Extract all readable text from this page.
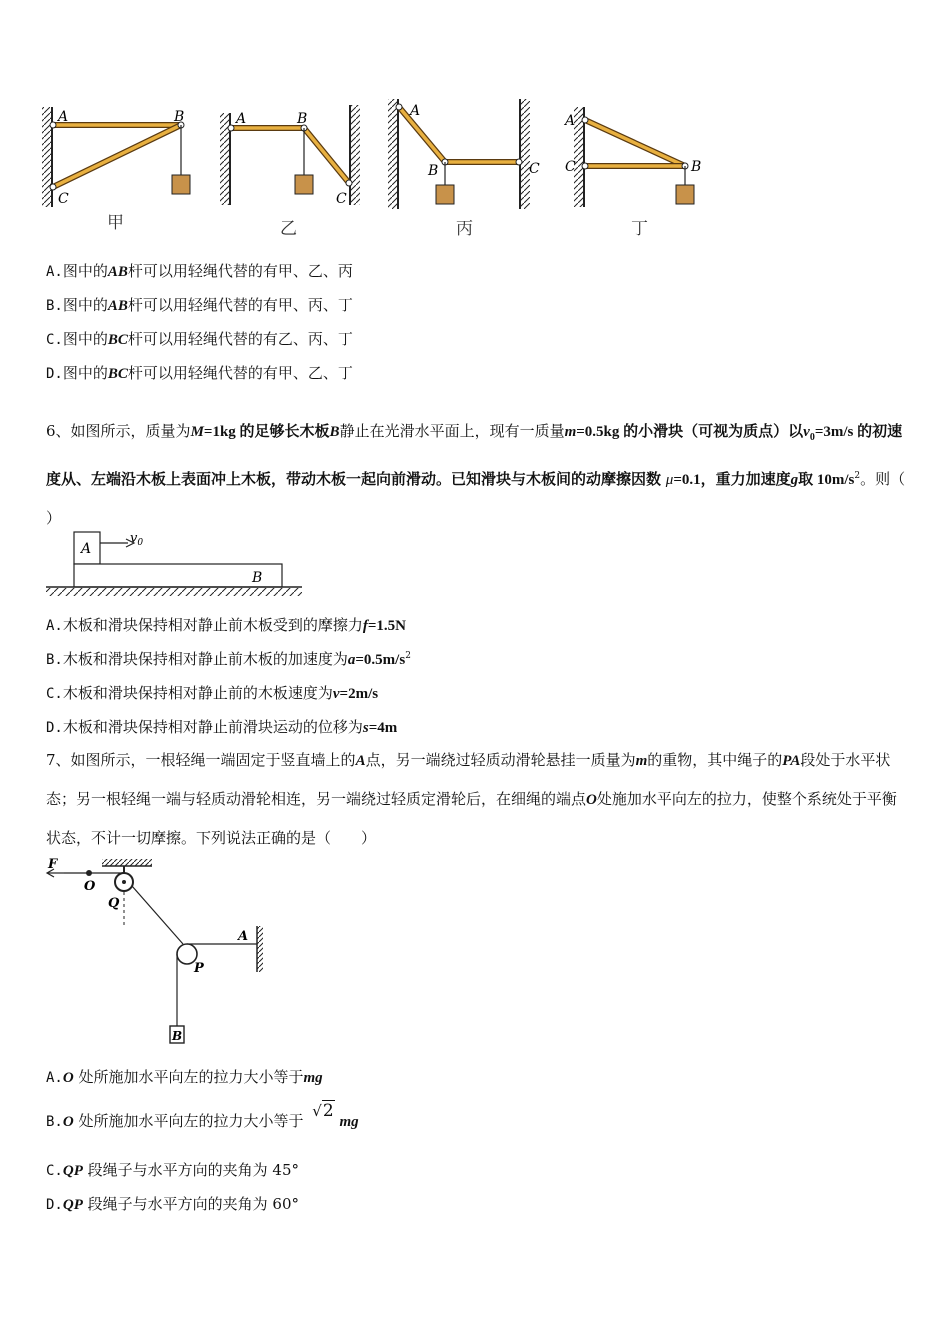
A	B
C
A	B
C
A
B	C
A
C	B
甲	乙	丙	丁
A.图中的AB杆可以用轻绳代替的有甲、乙、丙
B.图中的AB杆可以用轻绳代替的有甲、丙、丁
C.图中的BC杆可以用轻绳代替的有乙、丙、丁
D.图中的BC杆可以用轻绳代替的有甲、乙、丁
6、如图所示，质量为M=1kg 的足够长木板B静止在光滑水平面上，现有一质量m=0.5kg 的小滑块（可视为质点）以$v_0=3m/s$ 的初速度从、左端沿木板上表面冲上木板，带动木板一起向前滑动。已知滑块与木板间的动摩擦因数 μ=0.1，重力加速度g取 $10m/s^2$。则（ ）
A
$v_0$
B
A.木板和滑块保持相对静止前木板受到的摩擦力f=1.5N
B.木板和滑块保持相对静止前木板的加速度为$a=0.5m/s^2$
C.木板和滑块保持相对静止前的木板速度为v=2m/s
D.木板和滑块保持相对静止前滑块运动的位移为s=4m
7、如图所示，一根轻绳一端固定于竖直墙上的A点，另一端绕过轻质动滑轮悬挂一质量为m的重物，其中绳子的PA段处于水平状态；另一根轻绳一端与轻质动滑轮相连，另一端绕过轻质定滑轮后，在细绳的端点O处施加水平向左的拉力，使整个系统处于平衡状态，不计一切摩擦。下列说法正确的是（　　）
F
O
Q
P
A
B
A.O 处所施加水平向左的拉力大小等于mg
B.O 处所施加水平向左的拉力大小等于 √2 mg
C.QP 段绳子与水平方向的夹角为 45°
D.QP 段绳子与水平方向的夹角为 60°
